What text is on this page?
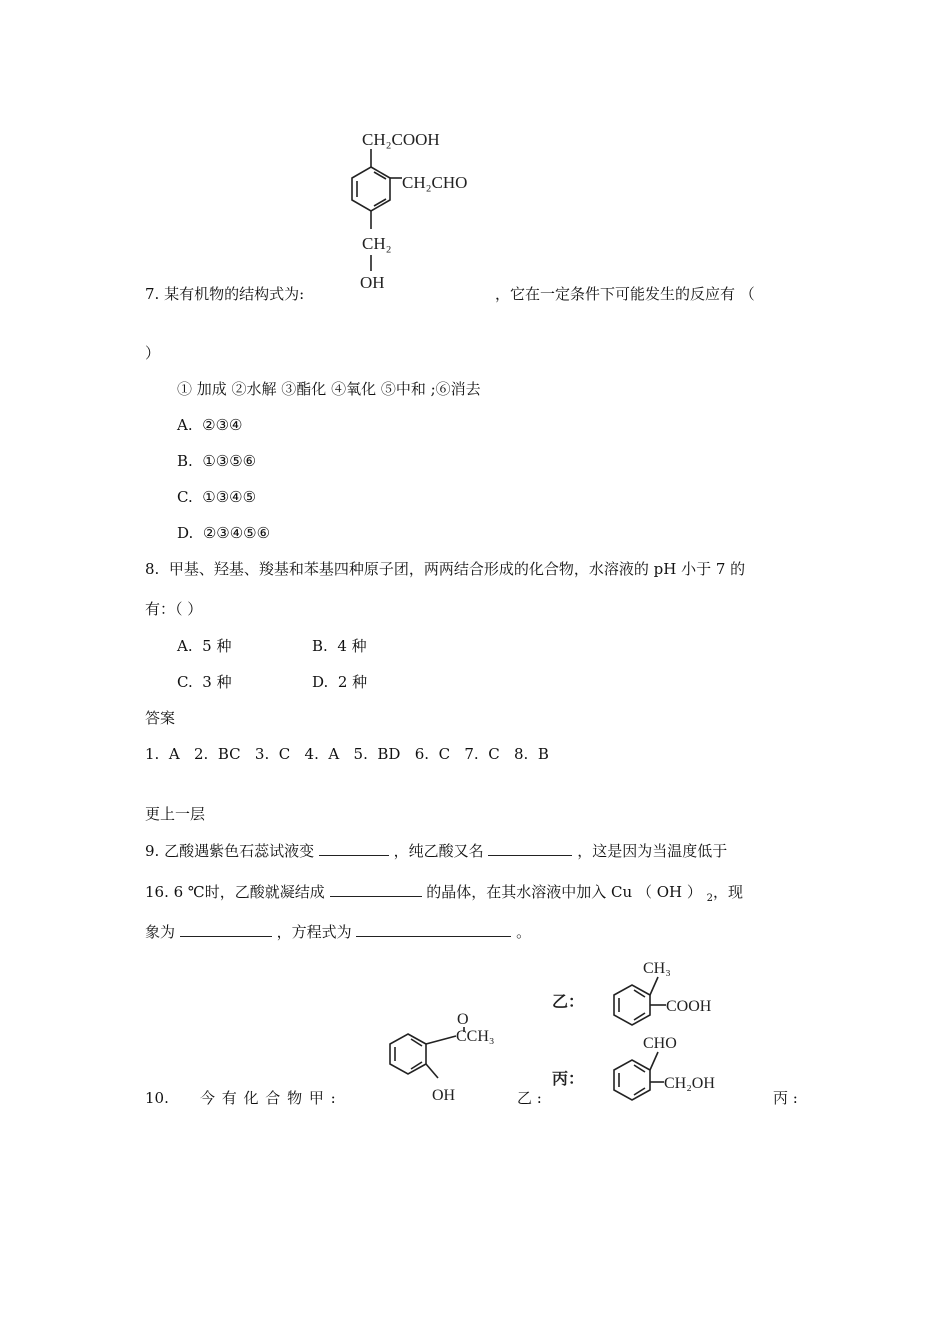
CH₂COOH
CH₂CHO
CH₂
OH
7. 某有机物的结构式为:	，它在一定条件下可能发生的反应有 （
）
① 加成 ②水解 ③酯化 ④氧化 ⑤中和 ;⑥消去
A. ②③④
B. ①③⑤⑥
C. ①③④⑤
D. ②③④⑤⑥
8. 甲基、羟基、羧基和苯基四种原子团，两两结合形成的化合物，水溶液的 pH 小于 7 的
有：（ ）
A. 5 种	B. 4 种
C. 3 种	D. 2 种
答案
1.  A   2.  BC   3.  C   4.  A   5.  BD   6.  C   7.  C   8.  B
更上一层
9. 乙酸遇紫色石蕊试液变	，纯乙酸又名	，这是因为当温度低于
16. 6 ℃时，乙酸就凝结成	的晶体，在其水溶液中加入 Cu （ OH ） $_2$，现
象为	，方程式为	。
O
CCH₃
OH
乙：
CH₃
COOH
丙：
CHO
CH₂OH
10. 今 有 化 合 物 甲 :	乙 :	丙 :
